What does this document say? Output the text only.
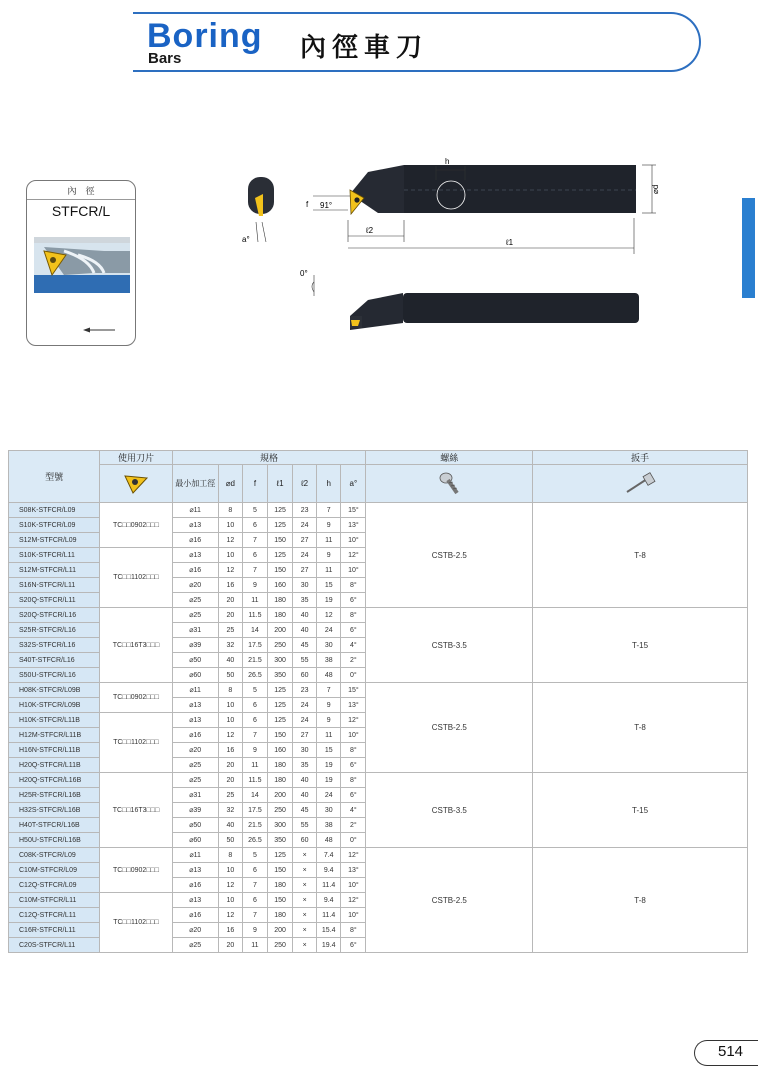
Boring
Bars	內徑車刀
內　徑
STFCR/L
a°
h
⌀d
f 91°
ℓ2
ℓ1
0°
型號	使用刀片	規格							螺絲	扳手
	最小加工徑	⌀d	f	ℓ1	ℓ2	h	a°		
S08K-STFCR/L09	TC□□0902□□□	⌀11	8	5	125	23	7	15°	CSTB-2.5	T-8
S10K-STFCR/L09		⌀13	10	6	125	24	9	13°		
S12M-STFCR/L09		⌀16	12	7	150	27	11	10°		
S10K-STFCR/L11	TC□□1102□□□	⌀13	10	6	125	24	9	12°		
S12M-STFCR/L11		⌀16	12	7	150	27	11	10°		
S16N-STFCR/L11		⌀20	16	9	160	30	15	8°		
S20Q-STFCR/L11		⌀25	20	11	180	35	19	6°		
S20Q-STFCR/L16	TC□□16T3□□□	⌀25	20	11.5	180	40	12	8°	CSTB-3.5	T-15
S25R-STFCR/L16		⌀31	25	14	200	40	24	6°		
S32S-STFCR/L16		⌀39	32	17.5	250	45	30	4°		
S40T-STFCR/L16		⌀50	40	21.5	300	55	38	2°		
S50U-STFCR/L16		⌀60	50	26.5	350	60	48	0°		
H08K-STFCR/L09B	TC□□0902□□□	⌀11	8	5	125	23	7	15°	CSTB-2.5	T-8
H10K-STFCR/L09B		⌀13	10	6	125	24	9	13°		
H10K-STFCR/L11B	TC□□1102□□□	⌀13	10	6	125	24	9	12°		
H12M-STFCR/L11B		⌀16	12	7	150	27	11	10°		
H16N-STFCR/L11B		⌀20	16	9	160	30	15	8°		
H20Q-STFCR/L11B		⌀25	20	11	180	35	19	6°		
H20Q-STFCR/L16B	TC□□16T3□□□	⌀25	20	11.5	180	40	19	8°	CSTB-3.5	T-15
H25R-STFCR/L16B		⌀31	25	14	200	40	24	6°		
H32S-STFCR/L16B		⌀39	32	17.5	250	45	30	4°		
H40T-STFCR/L16B		⌀50	40	21.5	300	55	38	2°		
H50U-STFCR/L16B		⌀60	50	26.5	350	60	48	0°		
C08K-STFCR/L09	TC□□0902□□□	⌀11	8	5	125	×	7.4	12°	CSTB-2.5	T-8
C10M-STFCR/L09		⌀13	10	6	150	×	9.4	13°		
C12Q-STFCR/L09		⌀16	12	7	180	×	11.4	10°		
C10M-STFCR/L11	TC□□1102□□□	⌀13	10	6	150	×	9.4	12°		
C12Q-STFCR/L11		⌀16	12	7	180	×	11.4	10°		
C16R-STFCR/L11		⌀20	16	9	200	×	15.4	8°		
C20S-STFCR/L11		⌀25	20	11	250	×	19.4	6°		
514
